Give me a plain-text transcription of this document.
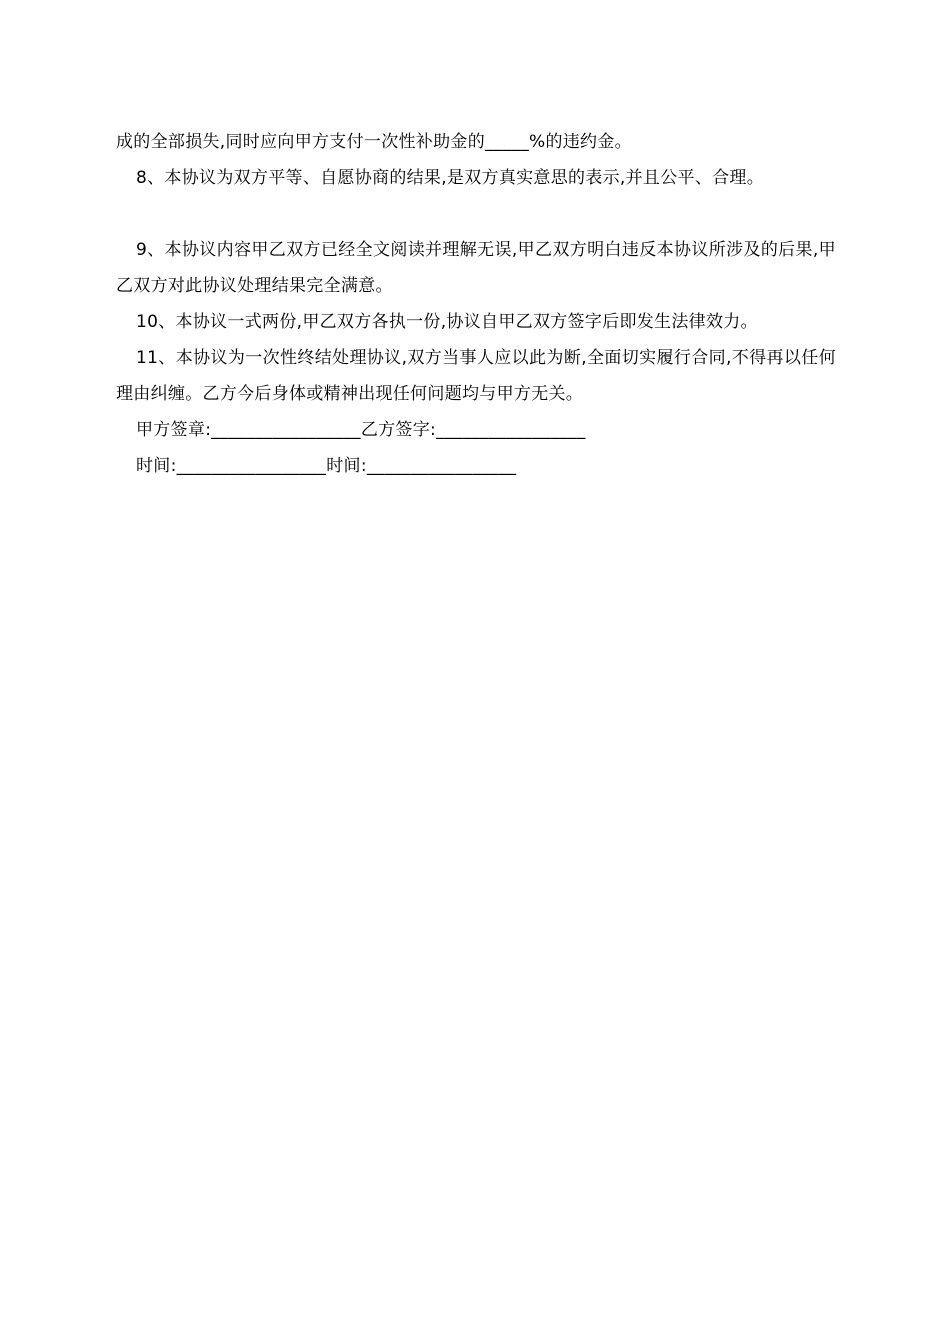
成的全部损失,同时应向甲方支付一次性补助金的_____%的违约金。

8、本协议为双方平等、自愿协商的结果,是双方真实意思的表示,并且公平、合理。

9、本协议内容甲乙双方已经全文阅读并理解无误,甲乙双方明白违反本协议所涉及的后果,甲乙双方对此协议处理结果完全满意。

10、本协议一式两份,甲乙双方各执一份,协议自甲乙双方签字后即发生法律效力。

11、本协议为一次性终结处理协议,双方当事人应以此为断,全面切实履行合同,不得再以任何理由纠缠。乙方今后身体或精神出现任何问题均与甲方无关。

甲方签章:_________________乙方签字:_________________

时间:_________________时间:_________________
